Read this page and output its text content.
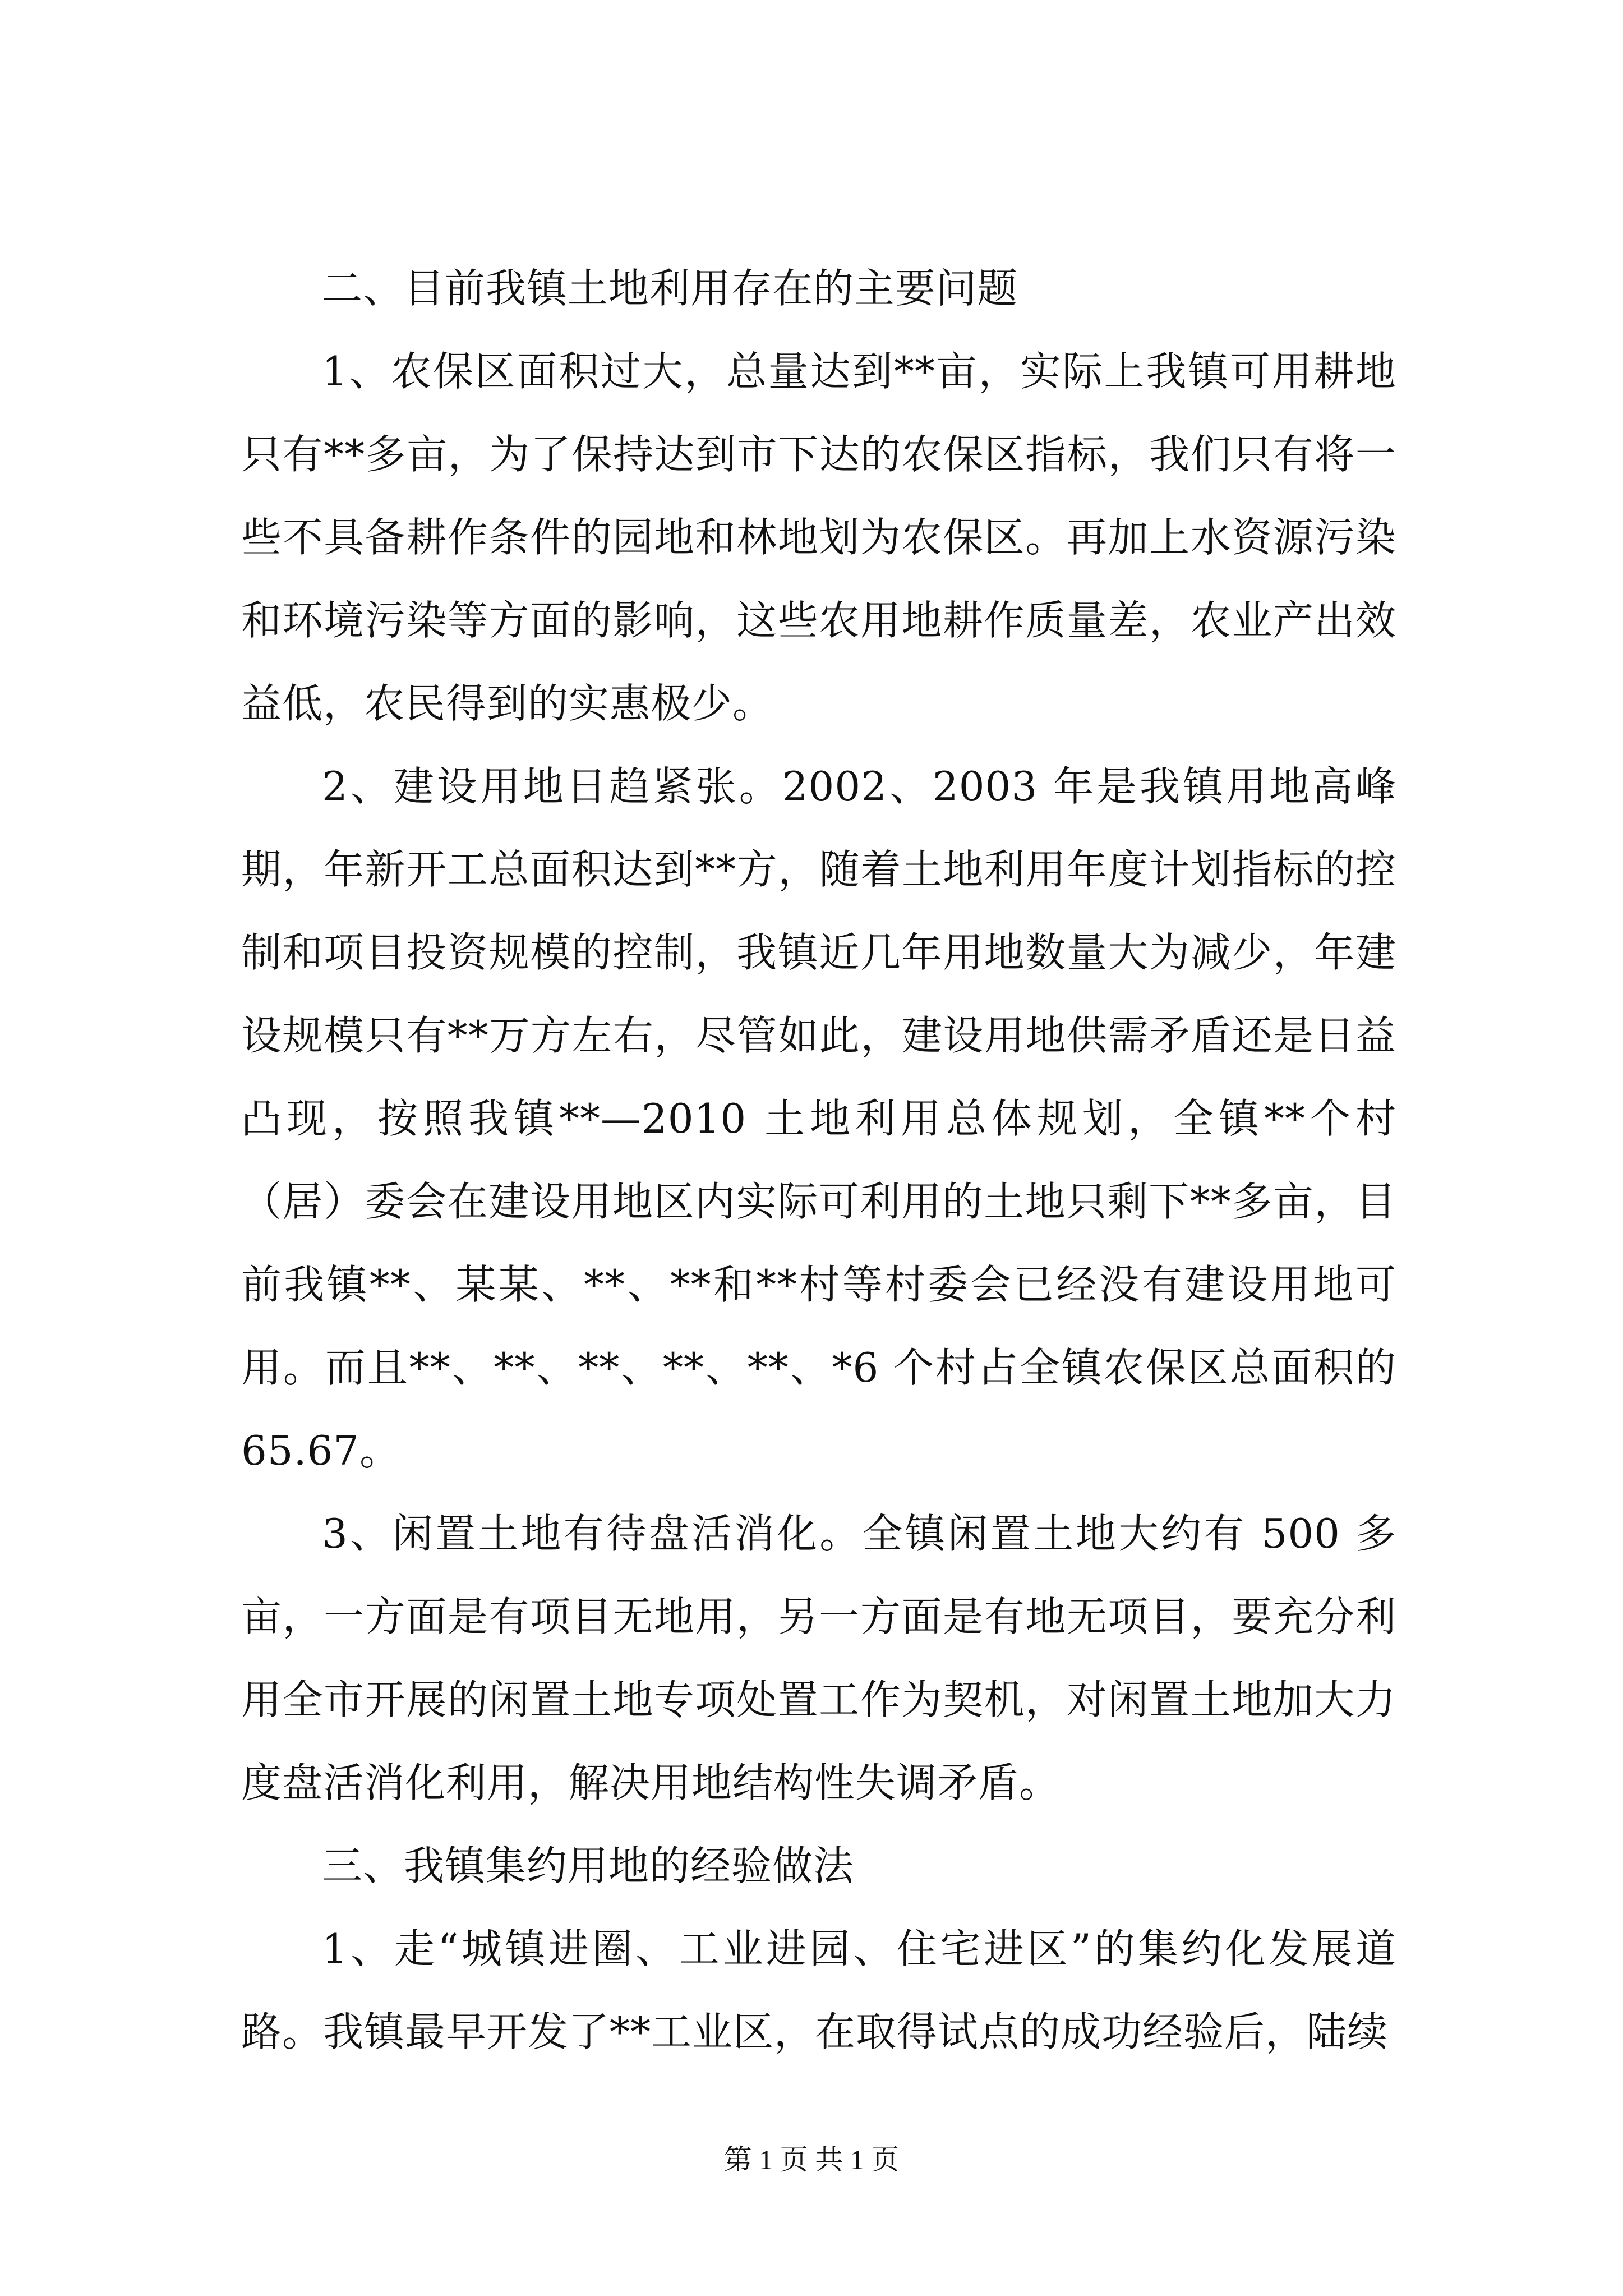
二、目前我镇土地利用存在的主要问题

1、农保区面积过大，总量达到**亩，实际上我镇可用耕地只有**多亩，为了保持达到市下达的农保区指标，我们只有将一些不具备耕作条件的园地和林地划为农保区。再加上水资源污染和环境污染等方面的影响，这些农用地耕作质量差，农业产出效益低，农民得到的实惠极少。

2、建设用地日趋紧张。2002、2003 年是我镇用地高峰期，年新开工总面积达到**方，随着土地利用年度计划指标的控制和项目投资规模的控制，我镇近几年用地数量大为减少，年建设规模只有**万方左右，尽管如此，建设用地供需矛盾还是日益凸现，按照我镇**—2010 土地利用总体规划，全镇**个村（居）委会在建设用地区内实际可利用的土地只剩下**多亩，目前我镇**、某某、**、**和**村等村委会已经没有建设用地可用。而且**、**、**、**、**、*6 个村占全镇农保区总面积的 65.67。

3、闲置土地有待盘活消化。全镇闲置土地大约有 500 多亩，一方面是有项目无地用，另一方面是有地无项目，要充分利用全市开展的闲置土地专项处置工作为契机，对闲置土地加大力度盘活消化利用，解决用地结构性失调矛盾。

三、我镇集约用地的经验做法

1、走“城镇进圈、工业进园、住宅进区”的集约化发展道路。我镇最早开发了**工业区，在取得试点的成功经验后，陆续

第 1 页 共 1 页
